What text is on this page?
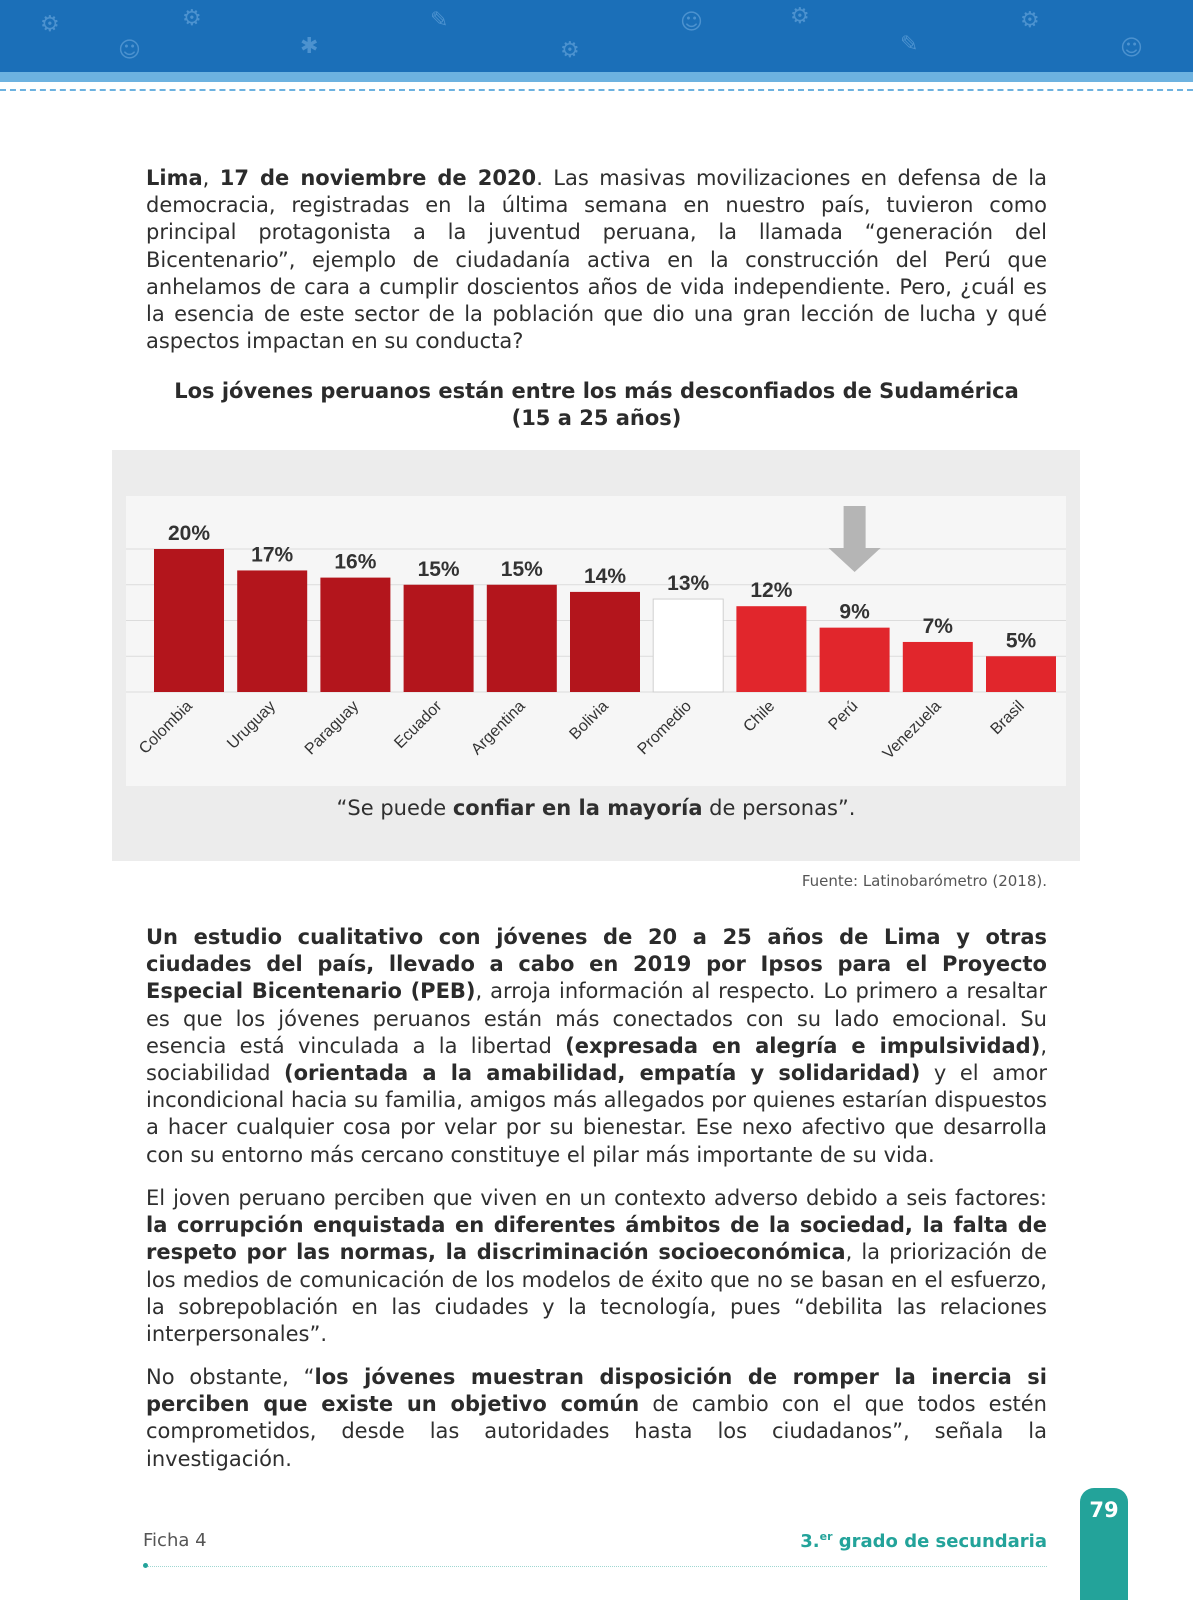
⚙
☺
⚙
✱
✎
⚙
☺	⚙
✎
⚙
☺

Lima, 17 de noviembre de 2020. Las masivas movilizaciones en defensa de la democracia, registradas en la última semana en nuestro país, tuvieron como principal protagonista a la juventud peruana, la llamada “generación del Bicentenario”, ejemplo de ciudadanía activa en la construcción del Perú que anhelamos de cara a cumplir doscientos años de vida independiente. Pero, ¿cuál es la esencia de este sector de la población que dio una gran lección de lucha y qué aspectos impactan en su conducta?

Los jóvenes peruanos están entre los más desconfiados de Sudamérica
(15 a 25 años)
20%
Colombia
17%
Uruguay
16%
Paraguay
15%
Ecuador
15%
Argentina
14%
Bolivia
13%
Promedio
12%
Chile
9%
Perú
7%
Venezuela
5%
Brasil
“Se puede confiar en la mayoría de personas”.
Fuente: Latinobarómetro (2018).

Un estudio cualitativo con jóvenes de 20 a 25 años de Lima y otras ciudades del país, llevado a cabo en 2019 por Ipsos para el Proyecto Especial Bicentenario (PEB), arroja información al respecto. Lo primero a resaltar es que los jóvenes peruanos están más conectados con su lado emocional. Su esencia está vinculada a la libertad (expresada en alegría e impulsividad), sociabilidad (orientada a la amabilidad, empatía y solidaridad) y el amor incondicional hacia su familia, amigos más allegados por quienes estarían dispuestos a hacer cualquier cosa por velar por su bienestar. Ese nexo afectivo que desarrolla con su entorno más cercano constituye el pilar más importante de su vida.

El joven peruano perciben que viven en un contexto adverso debido a seis factores: la corrupción enquistada en diferentes ámbitos de la sociedad, la falta de respeto por las normas, la discriminación socioeconómica, la priorización de los medios de comunicación de los modelos de éxito que no se basan en el esfuerzo, la sobrepoblación en las ciudades y la tecnología, pues “debilita las relaciones interpersonales”.

No obstante, “los jóvenes muestran disposición de romper la inercia si perciben que existe un objetivo común de cambio con el que todos estén comprometidos, desde las autoridades hasta los ciudadanos”, señala la investigación.

Ficha 4	3.$^{er}$ grado de secundaria
79
